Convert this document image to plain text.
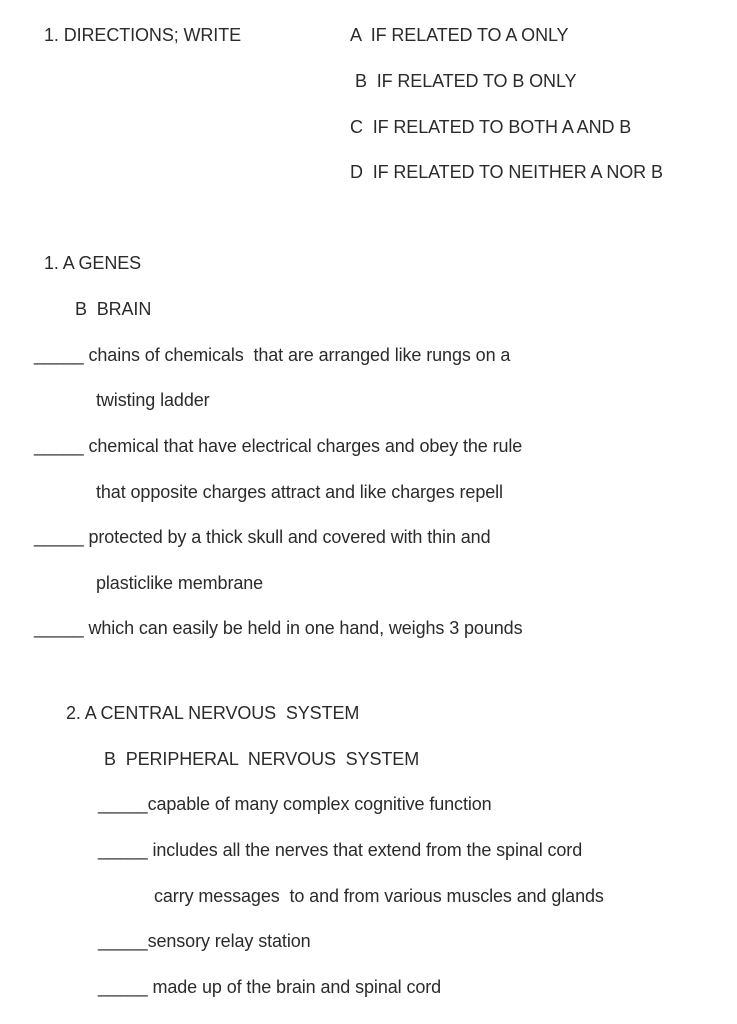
1. DIRECTIONS; WRITE	A  IF RELATED TO A ONLY
B  IF RELATED TO B ONLY
C  IF RELATED TO BOTH A AND B
D  IF RELATED TO NEITHER A NOR B
1. A GENES
B  BRAIN
_____ chains of chemicals  that are arranged like rungs on a
twisting ladder
_____ chemical that have electrical charges and obey the rule
that opposite charges attract and like charges repell
_____ protected by a thick skull and covered with thin and
plasticlike membrane
_____ which can easily be held in one hand, weighs 3 pounds
2. A CENTRAL NERVOUS  SYSTEM
B  PERIPHERAL  NERVOUS  SYSTEM
_____capable of many complex cognitive function
_____ includes all the nerves that extend from the spinal cord
carry messages  to and from various muscles and glands
_____sensory relay station
_____ made up of the brain and spinal cord
